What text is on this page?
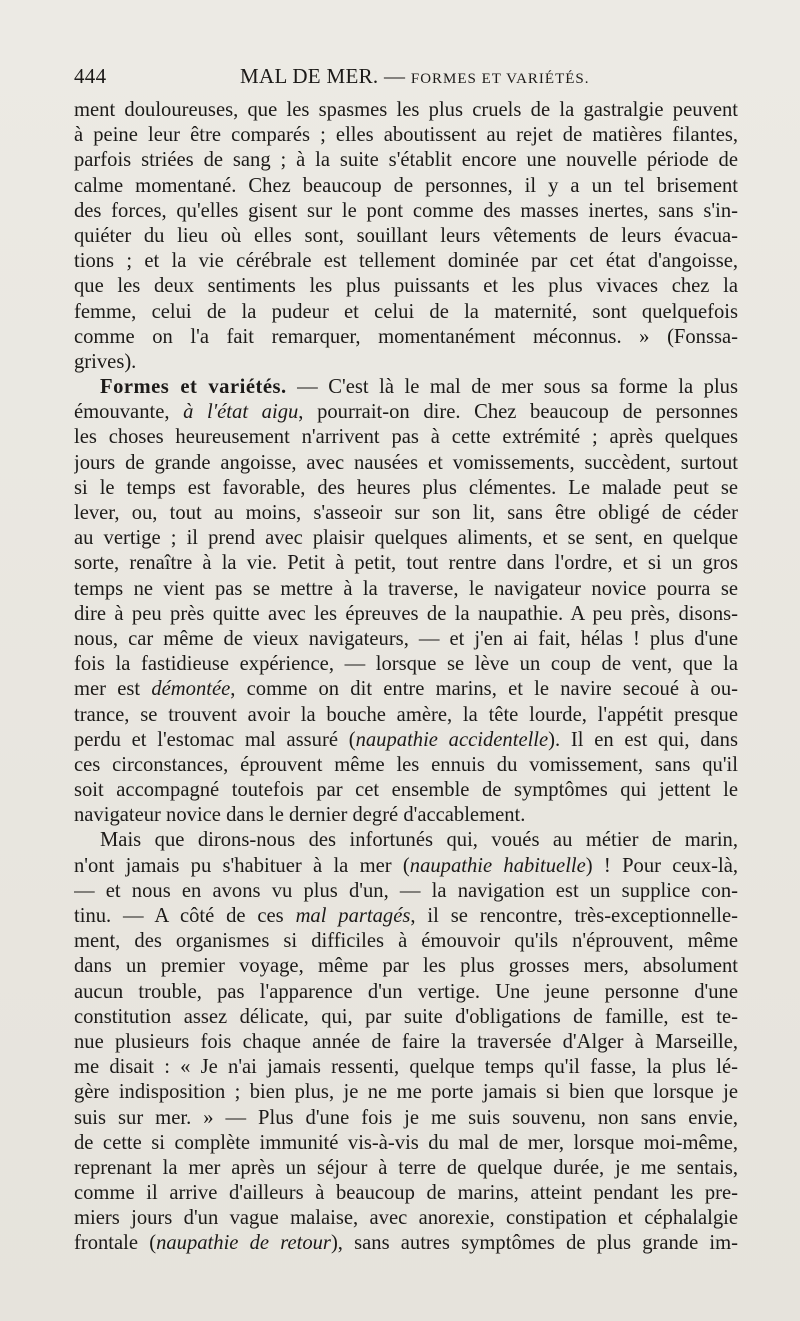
444	MAL DE MER. — FORMES ET VARIÉTÉS.
ment douloureuses, que les spasmes les plus cruels de la gastralgie peuvent
à peine leur être comparés ; elles aboutissent au rejet de matières filantes,
parfois striées de sang ; à la suite s'établit encore une nouvelle période de
calme momentané. Chez beaucoup de personnes, il y a un tel brisement
des forces, qu'elles gisent sur le pont comme des masses inertes, sans s'in-
quiéter du lieu où elles sont, souillant leurs vêtements de leurs évacua-
tions ; et la vie cérébrale est tellement dominée par cet état d'angoisse,
que les deux sentiments les plus puissants et les plus vivaces chez la
femme, celui de la pudeur et celui de la maternité, sont quelquefois
comme on l'a fait remarquer, momentanément méconnus. » (Fonssa-
grives).
Formes et variétés. — C'est là le mal de mer sous sa forme la plus
émouvante, à l'état aigu, pourrait-on dire. Chez beaucoup de personnes
les choses heureusement n'arrivent pas à cette extrémité ; après quelques
jours de grande angoisse, avec nausées et vomissements, succèdent, surtout
si le temps est favorable, des heures plus clémentes. Le malade peut se
lever, ou, tout au moins, s'asseoir sur son lit, sans être obligé de céder
au vertige ; il prend avec plaisir quelques aliments, et se sent, en quelque
sorte, renaître à la vie. Petit à petit, tout rentre dans l'ordre, et si un gros
temps ne vient pas se mettre à la traverse, le navigateur novice pourra se
dire à peu près quitte avec les épreuves de la naupathie. A peu près, disons-
nous, car même de vieux navigateurs, — et j'en ai fait, hélas ! plus d'une
fois la fastidieuse expérience, — lorsque se lève un coup de vent, que la
mer est démontée, comme on dit entre marins, et le navire secoué à ou-
trance, se trouvent avoir la bouche amère, la tête lourde, l'appétit presque
perdu et l'estomac mal assuré (naupathie accidentelle). Il en est qui, dans
ces circonstances, éprouvent même les ennuis du vomissement, sans qu'il
soit accompagné toutefois par cet ensemble de symptômes qui jettent le
navigateur novice dans le dernier degré d'accablement.
Mais que dirons-nous des infortunés qui, voués au métier de marin,
n'ont jamais pu s'habituer à la mer (naupathie habituelle) ! Pour ceux-là,
— et nous en avons vu plus d'un, — la navigation est un supplice con-
tinu. — A côté de ces mal partagés, il se rencontre, très-exceptionnelle-
ment, des organismes si difficiles à émouvoir qu'ils n'éprouvent, même
dans un premier voyage, même par les plus grosses mers, absolument
aucun trouble, pas l'apparence d'un vertige. Une jeune personne d'une
constitution assez délicate, qui, par suite d'obligations de famille, est te-
nue plusieurs fois chaque année de faire la traversée d'Alger à Marseille,
me disait : « Je n'ai jamais ressenti, quelque temps qu'il fasse, la plus lé-
gère indisposition ; bien plus, je ne me porte jamais si bien que lorsque je
suis sur mer. » — Plus d'une fois je me suis souvenu, non sans envie,
de cette si complète immunité vis-à-vis du mal de mer, lorsque moi-même,
reprenant la mer après un séjour à terre de quelque durée, je me sentais,
comme il arrive d'ailleurs à beaucoup de marins, atteint pendant les pre-
miers jours d'un vague malaise, avec anorexie, constipation et céphalalgie
frontale (naupathie de retour), sans autres symptômes de plus grande im-
